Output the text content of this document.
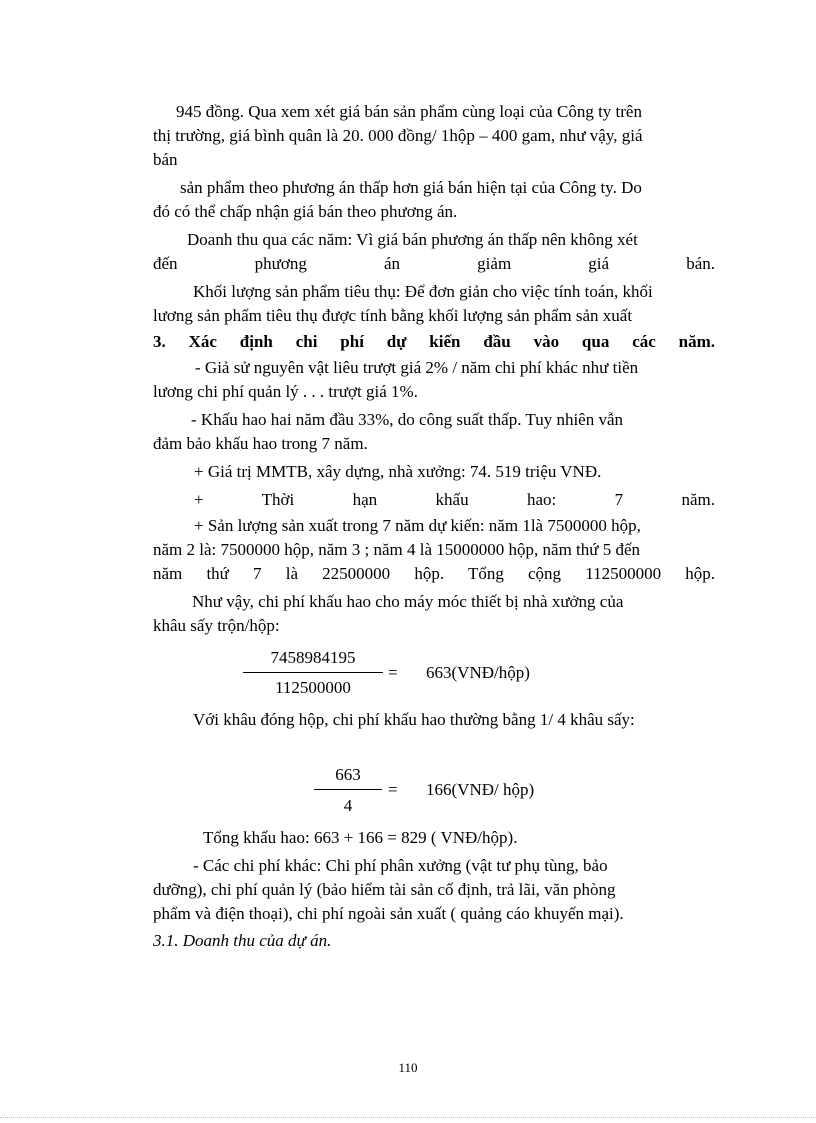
945 đồng. Qua xem xét giá bán sản phẩm cùng loại của Công ty trên
thị trường, giá bình quân là 20. 000 đồng/ 1hộp – 400 gam, như vậy, giá
bán
sản phẩm theo phương án thấp hơn giá bán hiện tại của Công ty. Do
đó có thể chấp nhận giá bán theo phương án.
Doanh thu qua các năm: Vì giá bán phương án thấp nên không xét
đến phương án giảm giá bán.
Khối lượng sản phẩm tiêu thụ: Để đơn giản cho việc tính toán, khối
lương sản phẩm tiêu thụ được tính bằng khối lượng sản phẩm sản xuất
3. Xác định chi phí dự kiến đầu vào qua các năm.
- Giả sử nguyên vật liêu trượt giá 2% / năm chi phí khác như tiền
lương chi phí quản lý . . . trượt giá 1%.
- Khấu hao hai năm đầu 33%, do công suất thấp. Tuy nhiên vẫn
đảm bảo khấu hao trong 7 năm.
+ Giá trị MMTB, xây dựng, nhà xưởng: 74. 519 triệu VNĐ.
+ Thời hạn khấu hao: 7 năm.
+ Sản lượng sản xuất trong 7 năm dự kiến: năm 1là 7500000 hộp,
năm 2 là: 7500000 hộp, năm 3 ; năm 4 là 15000000 hộp, năm thứ 5 đến
năm thứ 7 là 22500000 hộp. Tổng cộng 112500000 hộp.
Như vậy, chi phí khấu hao cho máy móc thiết bị nhà xưởng của
khâu sấy trộn/hộp:
7458984195
112500000
= 663(VNĐ/hộp)
Với khâu đóng hộp, chi phí khấu hao thường bằng 1/ 4 khâu sấy:
663
4
= 166(VNĐ/ hộp)
Tổng khấu hao: 663 + 166 = 829 ( VNĐ/hộp).
- Các chi phí khác: Chi phí phân xưởng (vật tư phụ tùng, bảo
dưỡng), chi phí quản lý (bảo hiểm tài sản cố định, trả lãi, văn phòng
phẩm và điện thoại), chi phí ngoài sản xuất ( quảng cáo khuyến mại).
3.1. Doanh thu của dự án.
110
